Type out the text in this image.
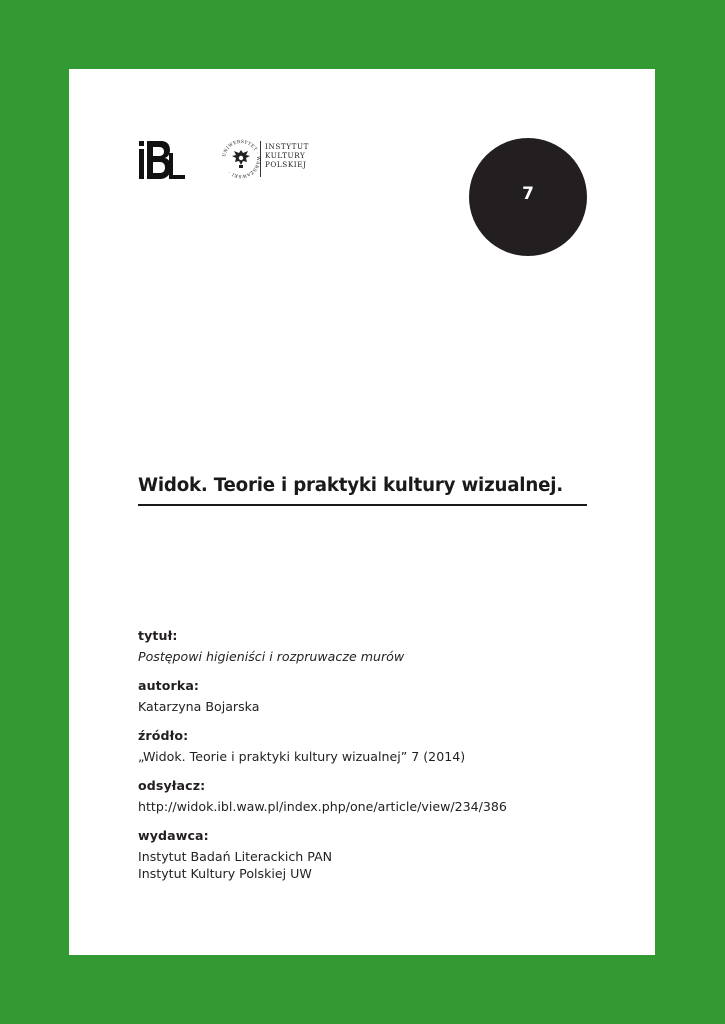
UNIWERSYTET · WARSZAWSKI ·
INSTYTUT
KULTURY
POLSKIEJ
7
Widok. Teorie i praktyki kultury wizualnej.
tytuł:
Postępowi higieniści i rozpruwacze murów
autorka:
Katarzyna Bojarska
źródło:
„Widok. Teorie i praktyki kultury wizualnej” 7 (2014)
odsyłacz:
http://widok.ibl.waw.pl/index.php/one/article/view/234/386
wydawca:
Instytut Badań Literackich PAN
Instytut Kultury Polskiej UW
